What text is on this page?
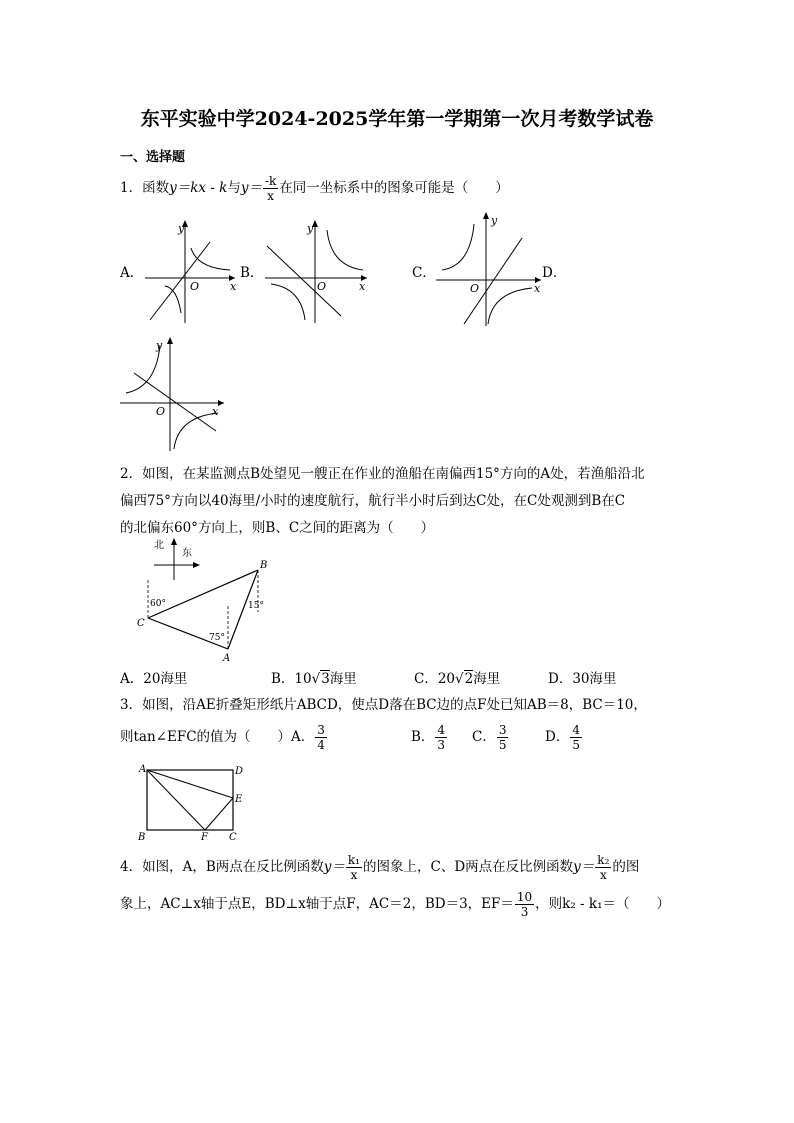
东平实验中学2024-2025学年第一学期第一次月考数学试卷
一、选择题
1．函数y＝kx - k与$y= \frac{-k}{x}$ 在同一坐标系中的图象可能是（　　）
A．	B．	C．	D．
y
x
O
y
x
O
y
x
O
y
x
O
2．如图，在某监测点B处望见一艘正在作业的渔船在南偏西15°方向的A处，若渔船沿北
偏西75°方向以40海里/小时的速度航行，航行半小时后到达C处，在C处观测到B在C
的北偏东60°方向上，则B、C之间的距离为（　　）
北
东
B
C
A
60°
75°
15°
A．20海里	B．10√3海里	C．20√2海里	D．30海里
3．如图，沿AE折叠矩形纸片ABCD，使点D落在BC边的点F处已知AB＝8，BC＝10，
则tan∠EFC的值为（　　）A． $\frac{3}{4}$	B． $\frac{4}{3}$ C． $\frac{3}{5}$	D． $\frac{4}{5}$
A	D
E
B	F C
4．如图，A，B两点在反比例函数$y= \frac{\text{k₁}}{x}$ 的图象上，C、D两点在反比例函数$y= \frac{\text{k₂}}{x}$ 的图
象上，AC⊥x轴于点E，BD⊥x轴于点F，AC＝2，BD＝3，$EF= \frac{10}{3}$ ，则k₂ - k₁＝（　　）
